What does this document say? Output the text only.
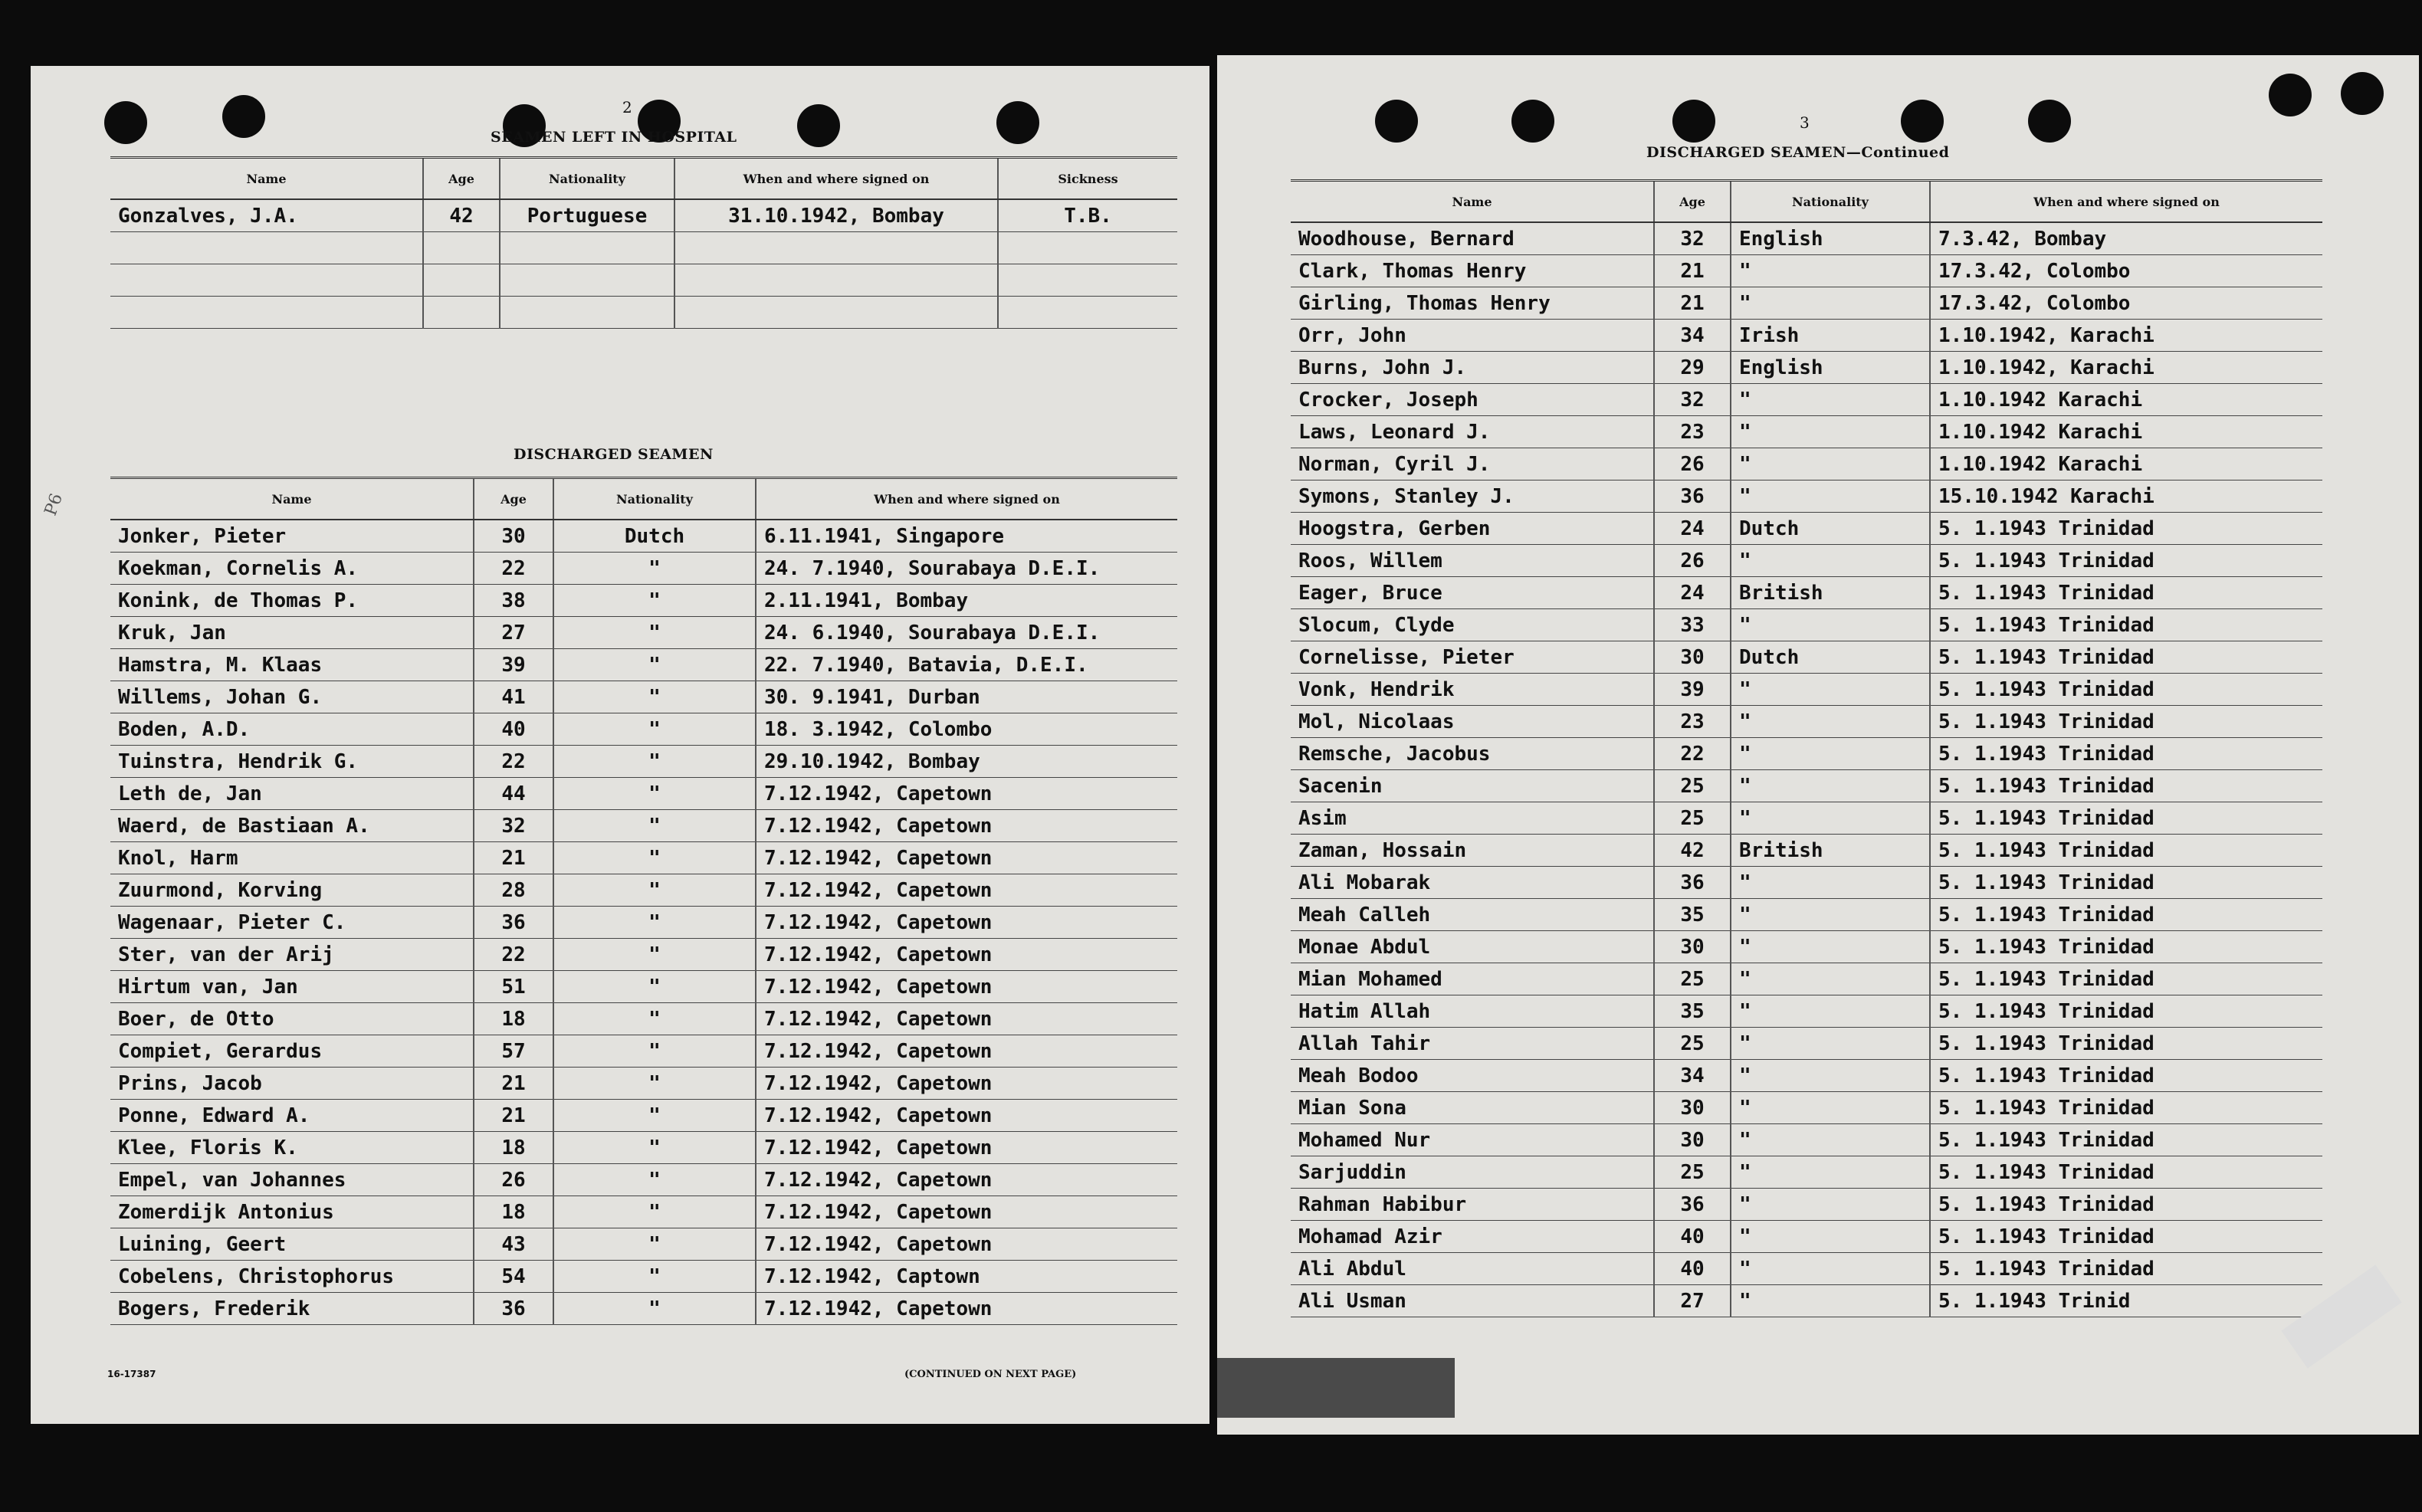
2
SEAMEN LEFT IN HOSPITAL
Name	Age	Nationality	When and where signed on	Sickness
Gonzalves, J.A.	42	Portuguese	31.10.1942, Bombay	T.B.

DISCHARGED SEAMEN
Name	Age	Nationality	When and where signed on
Jonker, Pieter	30	Dutch	6.11.1941, Singapore
Koekman, Cornelis A.	22	"	24. 7.1940, Sourabaya D.E.I.
Konink, de Thomas P.	38	"	2.11.1941, Bombay
Kruk, Jan	27	"	24. 6.1940, Sourabaya D.E.I.
Hamstra, M. Klaas	39	"	22. 7.1940, Batavia, D.E.I.
Willems, Johan G.	41	"	30. 9.1941, Durban
Boden, A.D.	40	"	18. 3.1942, Colombo
Tuinstra, Hendrik G.	22	"	29.10.1942, Bombay
Leth de, Jan	44	"	7.12.1942, Capetown
Waerd, de Bastiaan A.	32	"	7.12.1942, Capetown
Knol, Harm	21	"	7.12.1942, Capetown
Zuurmond, Korving	28	"	7.12.1942, Capetown
Wagenaar, Pieter C.	36	"	7.12.1942, Capetown
Ster, van der Arij	22	"	7.12.1942, Capetown
Hirtum van, Jan	51	"	7.12.1942, Capetown
Boer, de Otto	18	"	7.12.1942, Capetown
Compiet, Gerardus	57	"	7.12.1942, Capetown
Prins, Jacob	21	"	7.12.1942, Capetown
Ponne, Edward A.	21	"	7.12.1942, Capetown
Klee, Floris K.	18	"	7.12.1942, Capetown
Empel, van Johannes	26	"	7.12.1942, Capetown
Zomerdijk Antonius	18	"	7.12.1942, Capetown
Luining, Geert	43	"	7.12.1942, Capetown
Cobelens, Christophorus	54	"	7.12.1942, Captown
Bogers, Frederik	36	"	7.12.1942, Capetown
16-17387	(CONTINUED ON NEXT PAGE)
P6
3
DISCHARGED SEAMEN—Continued
Name	Age	Nationality	When and where signed on
Woodhouse, Bernard	32	English	7.3.42, Bombay
Clark, Thomas Henry	21	"	17.3.42, Colombo
Girling, Thomas Henry	21	"	17.3.42, Colombo
Orr, John	34	Irish	1.10.1942, Karachi
Burns, John J.	29	English	1.10.1942, Karachi
Crocker, Joseph	32	"	1.10.1942 Karachi
Laws, Leonard J.	23	"	1.10.1942 Karachi
Norman, Cyril J.	26	"	1.10.1942 Karachi
Symons, Stanley J.	36	"	15.10.1942 Karachi
Hoogstra, Gerben	24	Dutch	5. 1.1943 Trinidad
Roos, Willem	26	"	5. 1.1943 Trinidad
Eager, Bruce	24	British	5. 1.1943 Trinidad
Slocum, Clyde	33	"	5. 1.1943 Trinidad
Cornelisse, Pieter	30	Dutch	5. 1.1943 Trinidad
Vonk, Hendrik	39	"	5. 1.1943 Trinidad
Mol, Nicolaas	23	"	5. 1.1943 Trinidad
Remsche, Jacobus	22	"	5. 1.1943 Trinidad
Sacenin	25	"	5. 1.1943 Trinidad
Asim	25	"	5. 1.1943 Trinidad
Zaman, Hossain	42	British	5. 1.1943 Trinidad
Ali Mobarak	36	"	5. 1.1943 Trinidad
Meah Calleh	35	"	5. 1.1943 Trinidad
Monae Abdul	30	"	5. 1.1943 Trinidad
Mian Mohamed	25	"	5. 1.1943 Trinidad
Hatim Allah	35	"	5. 1.1943 Trinidad
Allah Tahir	25	"	5. 1.1943 Trinidad
Meah Bodoo	34	"	5. 1.1943 Trinidad
Mian Sona	30	"	5. 1.1943 Trinidad
Mohamed Nur	30	"	5. 1.1943 Trinidad
Sarjuddin	25	"	5. 1.1943 Trinidad
Rahman Habibur	36	"	5. 1.1943 Trinidad
Mohamad Azir	40	"	5. 1.1943 Trinidad
Ali Abdul	40	"	5. 1.1943 Trinidad
Ali Usman	27	"	5. 1.1943 Trinid
